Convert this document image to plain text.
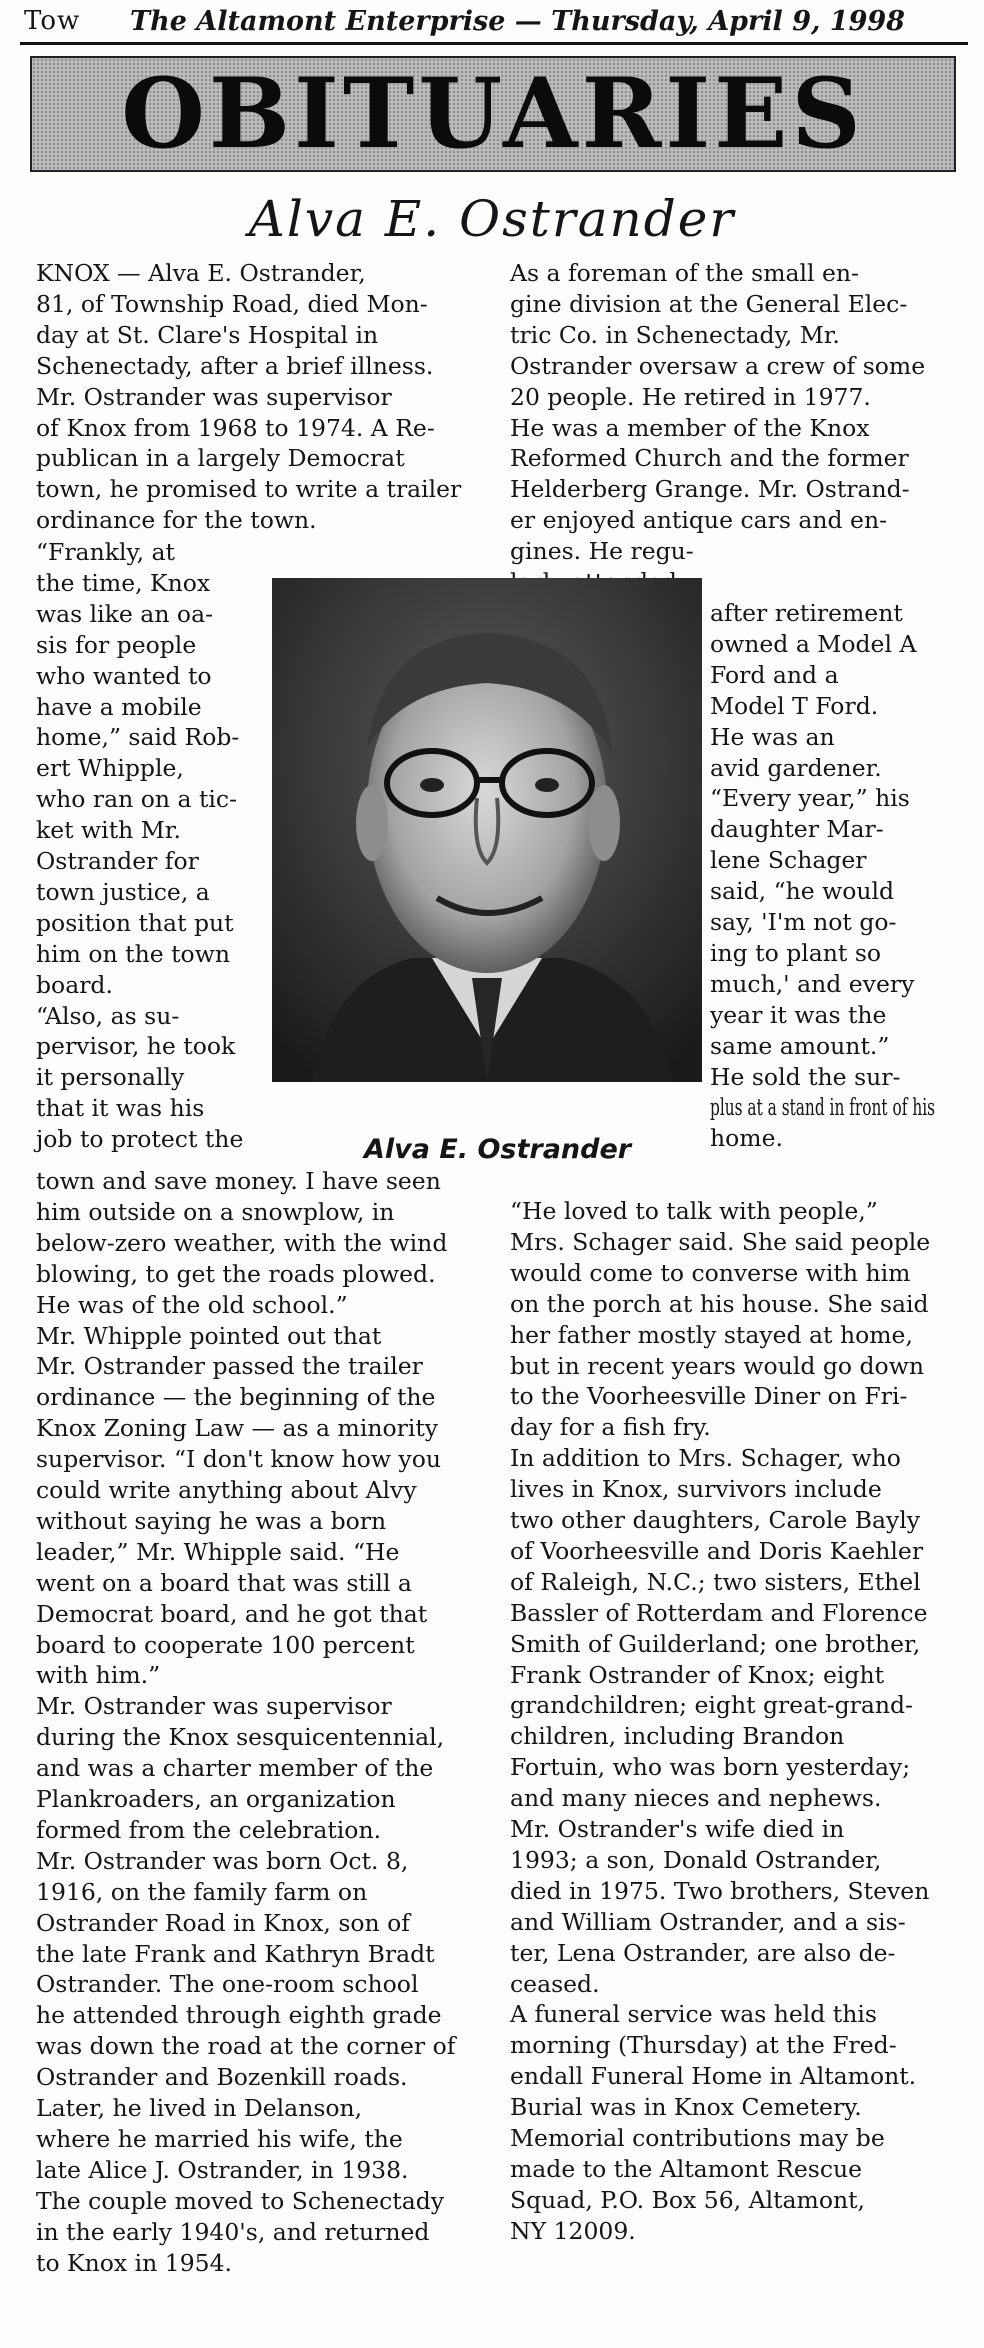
Tow The Altamont Enterprise — Thursday, April 9, 1998
OBITUARIES
Alva E. Ostrander
KNOX — Alva E. Ostrander,
81, of Township Road, died Mon-
day at St. Clare's Hospital in
Schenectady, after a brief illness.
Mr. Ostrander was supervisor
of Knox from 1968 to 1974. A Re-
publican in a largely Democrat
town, he promised to write a trailer
ordinance for the town.
“Frankly, at
the time, Knox
was like an oa-
sis for people
who wanted to
have a mobile
home,” said Rob-
ert Whipple,
who ran on a tic-
ket with Mr.
Ostrander for
town justice, a
position that put
him on the town
board.
“Also, as su-
pervisor, he took
it personally
that it was his
job to protect the
town and save money. I have seen
him outside on a snowplow, in
below-zero weather, with the wind
blowing, to get the roads plowed.
He was of the old school.”
Mr. Whipple pointed out that
Mr. Ostrander passed the trailer
ordinance — the beginning of the
Knox Zoning Law — as a minority
supervisor. “I don't know how you
could write anything about Alvy
without saying he was a born
leader,” Mr. Whipple said. “He
went on a board that was still a
Democrat board, and he got that
board to cooperate 100 percent
with him.”
Mr. Ostrander was supervisor
during the Knox sesquicentennial,
and was a charter member of the
Plankroaders, an organization
formed from the celebration.
Mr. Ostrander was born Oct. 8,
1916, on the family farm on
Ostrander Road in Knox, son of
the late Frank and Kathryn Bradt
Ostrander. The one-room school
he attended through eighth grade
was down the road at the corner of
Ostrander and Bozenkill roads.
Later, he lived in Delanson,
where he married his wife, the
late Alice J. Ostrander, in 1938.
The couple moved to Schenectady
in the early 1940's, and returned
to Knox in 1954.
As a foreman of the small en-
gine division at the General Elec-
tric Co. in Schenectady, Mr.
Ostrander oversaw a crew of some
20 people. He retired in 1977.
He was a member of the Knox
Reformed Church and the former
Helderberg Grange. Mr. Ostrand-
er enjoyed antique cars and en-
gines. He regu-
after retirement
owned a Model A
Ford and a
Model T Ford.
He was an
avid gardener.
“Every year,” his
daughter Mar-
lene Schager
said, “he would
say, 'I'm not go-
ing to plant so
much,' and every
year it was the
same amount.”
He sold the sur-
plus at a stand in front of his
home.
“He loved to talk with people,”
Mrs. Schager said. She said people
would come to converse with him
on the porch at his house. She said
her father mostly stayed at home,
but in recent years would go down
to the Voorheesville Diner on Fri-
day for a fish fry.
In addition to Mrs. Schager, who
lives in Knox, survivors include
two other daughters, Carole Bayly
of Voorheesville and Doris Kaehler
of Raleigh, N.C.; two sisters, Ethel
Bassler of Rotterdam and Florence
Smith of Guilderland; one brother,
Frank Ostrander of Knox; eight
grandchildren; eight great-grand-
children, including Brandon
Fortuin, who was born yesterday;
and many nieces and nephews.
Mr. Ostrander's wife died in
1993; a son, Donald Ostrander,
died in 1975. Two brothers, Steven
and William Ostrander, and a sis-
ter, Lena Ostrander, are also de-
ceased.
A funeral service was held this
morning (Thursday) at the Fred-
endall Funeral Home in Altamont.
Burial was in Knox Cemetery.
Memorial contributions may be
made to the Altamont Rescue
Squad, P.O. Box 56, Altamont,
NY 12009.
Alva E. Ostrander
